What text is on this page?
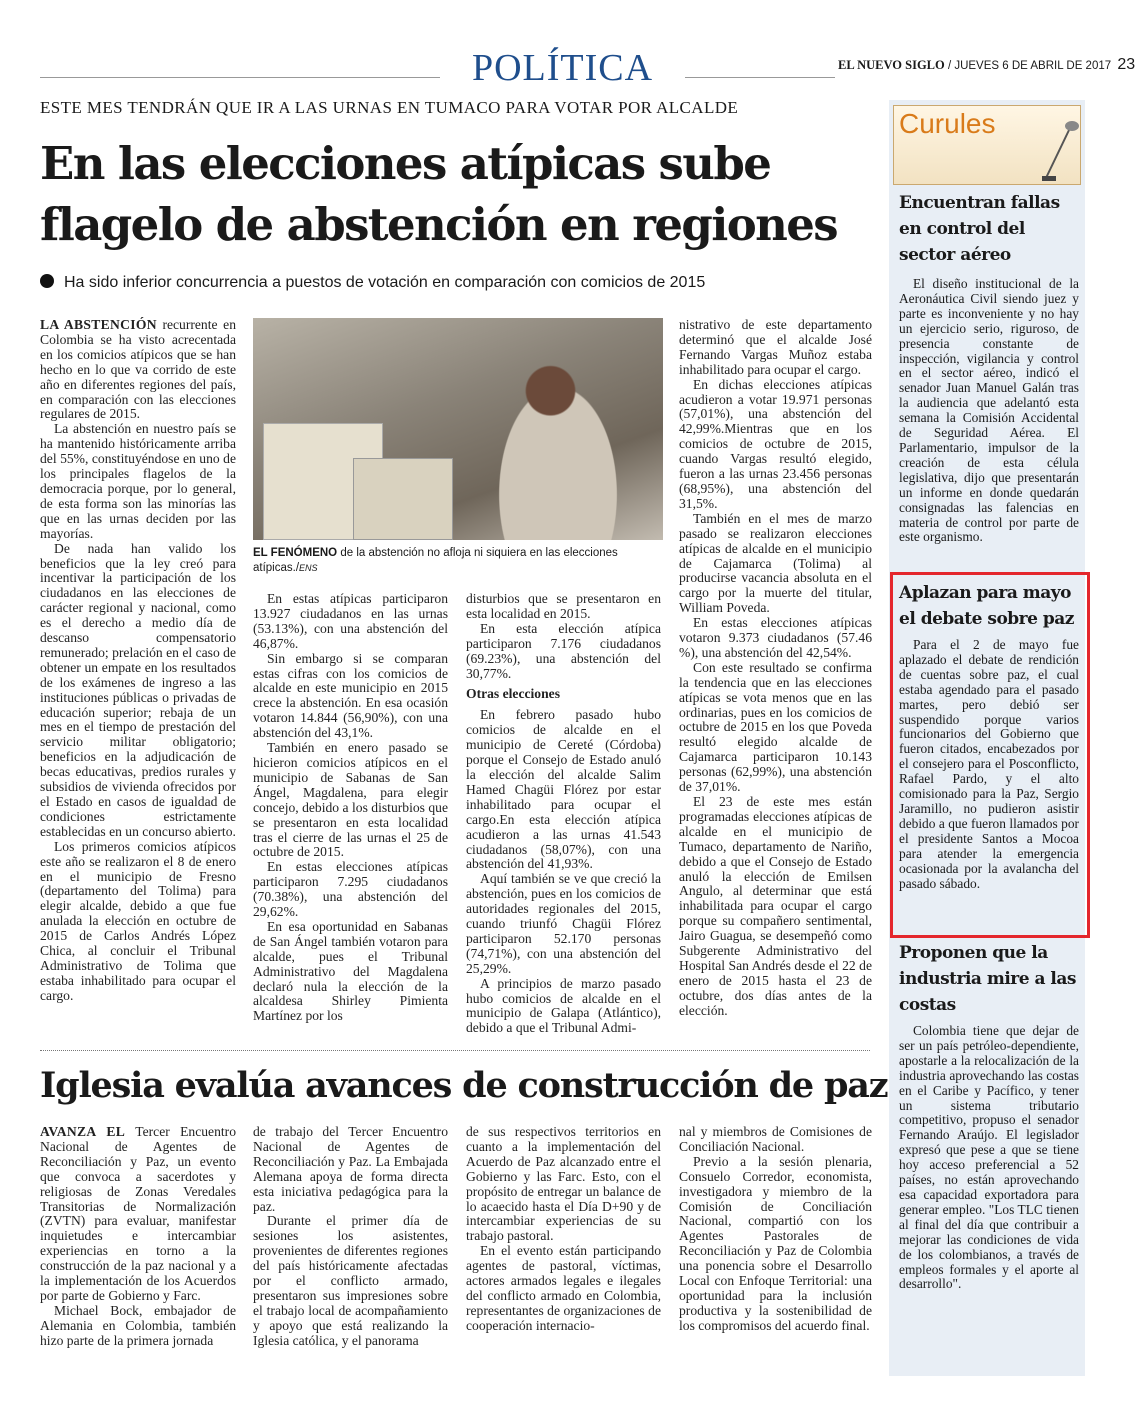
POLÍTICA	EL NUEVO SIGLO / JUEVES 6 DE ABRIL DE 2017 23
ESTE MES TENDRÁN QUE IR A LAS URNAS EN TUMACO PARA VOTAR POR ALCALDE
En las elecciones atípicas sube flagelo de abstención en regiones
Ha sido inferior concurrencia a puestos de votación en comparación con comicios de 2015

LA ABSTENCIÓN recurrente en Colombia se ha visto acrecentada en los comicios atípicos que se han hecho en lo que va corrido de este año en diferentes regiones del país, en comparación con las elecciones regulares de 2015.

La abstención en nuestro país se ha mantenido históricamente arriba del 55%, constituyéndose en uno de los principales flagelos de la democracia porque, por lo general, de esta forma son las minorías las que en las urnas deciden por las mayorías.

De nada han valido los beneficios que la ley creó para incentivar la participación de los ciudadanos en las elecciones de carácter regional y nacional, como es el derecho a medio día de descanso compensatorio remunerado; prelación en el caso de obtener un empate en los resultados de los exámenes de ingreso a las instituciones públicas o privadas de educación superior; rebaja de un mes en el tiempo de prestación del servicio militar obligatorio; beneficios en la adjudicación de becas educativas, predios rurales y subsidios de vivienda ofrecidos por el Estado en casos de igualdad de condiciones estrictamente establecidas en un concurso abierto.

Los primeros comicios atípicos este año se realizaron el 8 de enero en el municipio de Fresno (departamento del Tolima) para elegir alcalde, debido a que fue anulada la elección en octubre de 2015 de Carlos Andrés López Chica, al concluir el Tribunal Administrativo de Tolima que estaba inhabilitado para ocupar el cargo.

EL FENÓMENO de la abstención no afloja ni siquiera en las elecciones atípicas./ENS

En estas atípicas participaron 13.927 ciudadanos en las urnas (53.13%), con una abstención del 46,87%.

Sin embargo si se comparan estas cifras con los comicios de alcalde en este municipio en 2015 crece la abstención. En esa ocasión votaron 14.844 (56,90%), con una abstención del 43,1%.

También en enero pasado se hicieron comicios atípicos en el municipio de Sabanas de San Ángel, Magdalena, para elegir concejo, debido a los disturbios que se presentaron en esta localidad tras el cierre de las urnas el 25 de octubre de 2015.

En estas elecciones atípicas participaron 7.295 ciudadanos (70.38%), una abstención del 29,62%.

En esa oportunidad en Sabanas de San Ángel también votaron para alcalde, pues el Tribunal Administrativo del Magdalena declaró nula la elección de la alcaldesa Shirley Pimienta Martínez por los

disturbios que se presentaron en esta localidad en 2015.

En esta elección atípica participaron 7.176 ciudadanos (69.23%), una abstención del 30,77%.

Otras elecciones

En febrero pasado hubo comicios de alcalde en el municipio de Cereté (Córdoba) porque el Consejo de Estado anuló la elección del alcalde Salim Hamed Chagüi Flórez por estar inhabilitado para ocupar el cargo.En esta elección atípica acudieron a las urnas 41.543 ciudadanos (58,07%), con una abstención del 41,93%.

Aquí también se ve que creció la abstención, pues en los comicios de autoridades regionales del 2015, cuando triunfó Chagüi Flórez participaron 52.170 personas (74,71%), con una abstención del 25,29%.

A principios de marzo pasado hubo comicios de alcalde en el municipio de Galapa (Atlántico), debido a que el Tribunal Admi-

nistrativo de este departamento determinó que el alcalde José Fernando Vargas Muñoz estaba inhabilitado para ocupar el cargo.

En dichas elecciones atípicas acudieron a votar 19.971 personas (57,01%), una abstención del 42,99%.Mientras que en los comicios de octubre de 2015, cuando Vargas resultó elegido, fueron a las urnas 23.456 personas (68,95%), una abstención del 31,5%.

También en el mes de marzo pasado se realizaron elecciones atípicas de alcalde en el municipio de Cajamarca (Tolima) al producirse vacancia absoluta en el cargo por la muerte del titular, William Poveda.

En estas elecciones atípicas votaron 9.373 ciudadanos (57.46 %), una abstención del 42,54%.

Con este resultado se confirma la tendencia que en las elecciones atípicas se vota menos que en las ordinarias, pues en los comicios de octubre de 2015 en los que Poveda resultó elegido alcalde de Cajamarca participaron 10.143 personas (62,99%), una abstención de 37,01%.

El 23 de este mes están programadas elecciones atípicas de alcalde en el municipio de Tumaco, departamento de Nariño, debido a que el Consejo de Estado anuló la elección de Emilsen Angulo, al determinar que está inhabilitada para ocupar el cargo porque su compañero sentimental, Jairo Guagua, se desempeñó como Subgerente Administrativo del Hospital San Andrés desde el 22 de enero de 2015 hasta el 23 de octubre, dos días antes de la elección.

Iglesia evalúa avances de construcción de paz

AVANZA EL Tercer Encuentro Nacional de Agentes de Reconciliación y Paz, un evento que convoca a sacerdotes y religiosas de Zonas Veredales Transitorias de Normalización (ZVTN) para evaluar, manifestar inquietudes e intercambiar experiencias en torno a la construcción de la paz nacional y a la implementación de los Acuerdos por parte de Gobierno y Farc.

Michael Bock, embajador de Alemania en Colombia, también hizo parte de la primera jornada

de trabajo del Tercer Encuentro Nacional de Agentes de Reconciliación y Paz. La Embajada Alemana apoya de forma directa esta iniciativa pedagógica para la paz.

Durante el primer día de sesiones los asistentes, provenientes de diferentes regiones del país históricamente afectadas por el conflicto armado, presentaron sus impresiones sobre el trabajo local de acompañamiento y apoyo que está realizando la Iglesia católica, y el panorama

de sus respectivos territorios en cuanto a la implementación del Acuerdo de Paz alcanzado entre el Gobierno y las Farc. Esto, con el propósito de entregar un balance de lo acaecido hasta el Día D+90 y de intercambiar experiencias de su trabajo pastoral.

En el evento están participando agentes de pastoral, víctimas, actores armados legales e ilegales del conflicto armado en Colombia, representantes de organizaciones de cooperación internacio-

nal y miembros de Comisiones de Conciliación Nacional.

Previo a la sesión plenaria, Consuelo Corredor, economista, investigadora y miembro de la Comisión de Conciliación Nacional, compartió con los Agentes Pastorales de Reconciliación y Paz de Colombia una ponencia sobre el Desarrollo Local con Enfoque Territorial: una oportunidad para la inclusión productiva y la sostenibilidad de los compromisos del acuerdo final.

Curules
Encuentran fallas en control del sector aéreo
El diseño institucional de la Aeronáutica Civil siendo juez y parte es inconveniente y no hay un ejercicio serio, riguroso, de presencia constante de inspección, vigilancia y control en el sector aéreo, indicó el senador Juan Manuel Galán tras la audiencia que adelantó esta semana la Comisión Accidental de Seguridad Aérea. El Parlamentario, impulsor de la creación de esta célula legislativa, dijo que presentarán un informe en donde quedarán consignadas las falencias en materia de control por parte de este organismo.
Aplazan para mayo el debate sobre paz
Para el 2 de mayo fue aplazado el debate de rendición de cuentas sobre paz, el cual estaba agendado para el pasado martes, pero debió ser suspendido porque varios funcionarios del Gobierno que fueron citados, encabezados por el consejero para el Posconflicto, Rafael Pardo, y el alto comisionado para la Paz, Sergio Jaramillo, no pudieron asistir debido a que fueron llamados por el presidente Santos a Mocoa para atender la emergencia ocasionada por la avalancha del pasado sábado.
Proponen que la industria mire a las costas
Colombia tiene que dejar de ser un país petróleo-dependiente, apostarle a la relocalización de la industria aprovechando las costas en el Caribe y Pacífico, y tener un sistema tributario competitivo, propuso el senador Fernando Araújo. El legislador expresó que pese a que se tiene hoy acceso preferencial a 52 países, no están aprovechando esa capacidad exportadora para generar empleo. "Los TLC tienen al final del día que contribuir a mejorar las condiciones de vida de los colombianos, a través de empleos formales y el aporte al desarrollo".
